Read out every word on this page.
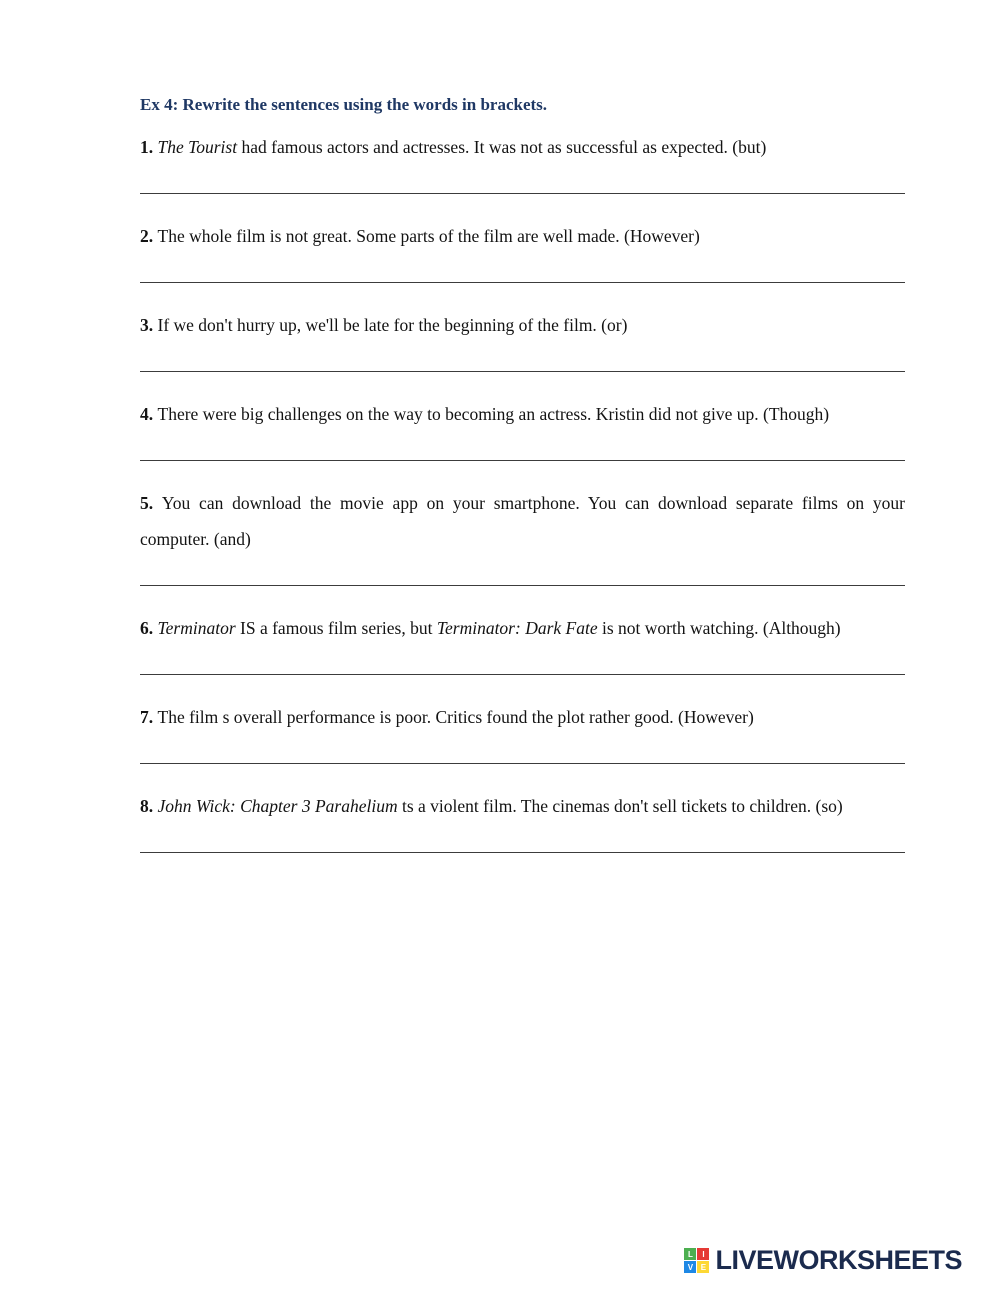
Ex 4: Rewrite the sentences using the words in brackets.
1. The Tourist had famous actors and actresses. It was not as successful as expected. (but)
2. The whole film is not great. Some parts of the film are well made. (However)
3. If we don't hurry up, we'll be late for the beginning of the film. (or)
4. There were big challenges on the way to becoming an actress. Kristin did not give up. (Though)
5. You can download the movie app on your smartphone. You can download separate films on your computer. (and)
6. Terminator IS a famous film series, but Terminator: Dark Fate is not worth watching. (Although)
7. The film s overall performance is poor. Critics found the plot rather good. (However)
8. John Wick: Chapter 3 Parahelium ts a violent film. The cinemas don't sell tickets to children. (so)
L	I
V E LIVEWORKSHEETS
